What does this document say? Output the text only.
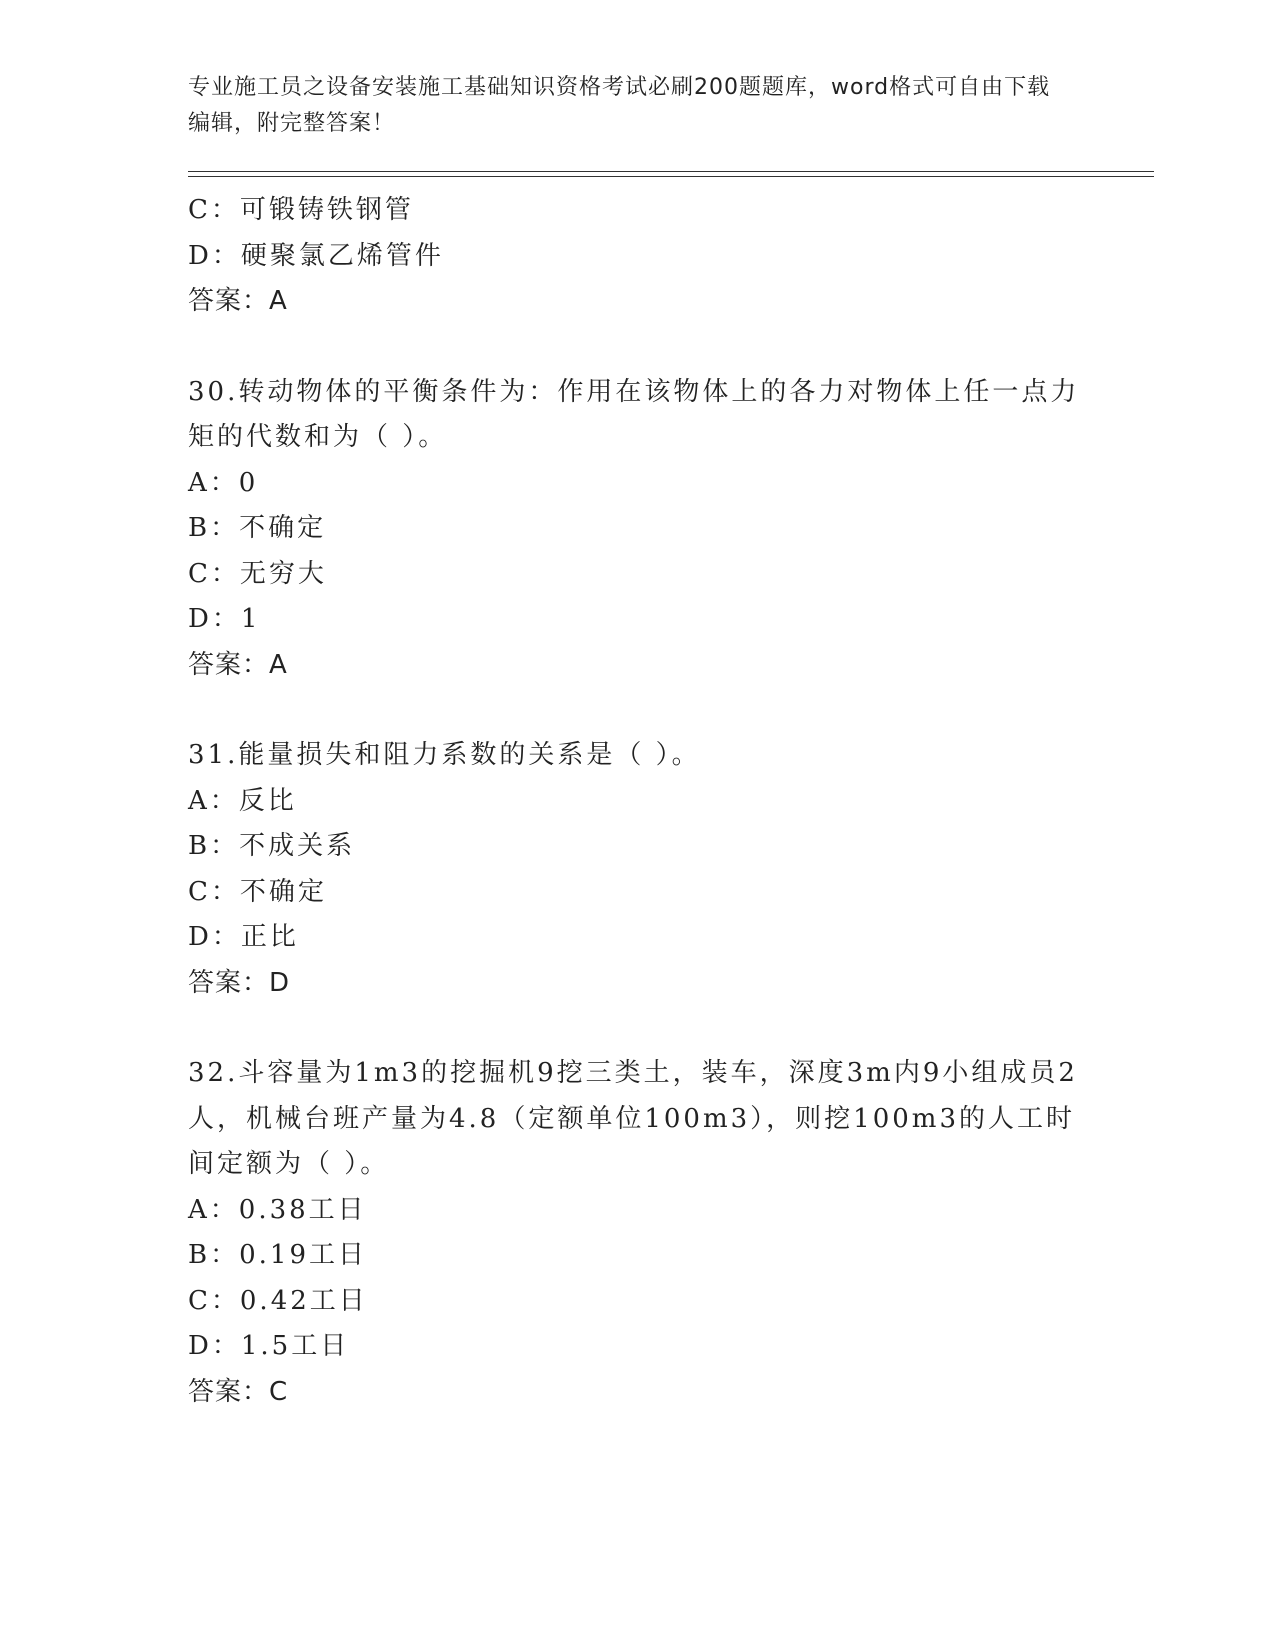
专业施工员之设备安装施工基础知识资格考试必刷200题题库，word格式可自由下载编辑，附完整答案！
C：可锻铸铁钢管
D：硬聚氯乙烯管件
答案：A
30.转动物体的平衡条件为：作用在该物体上的各力对物体上任一点力矩的代数和为（ ）。
A：0
B：不确定
C：无穷大
D：1
答案：A
31.能量损失和阻力系数的关系是（ ）。
A：反比
B：不成关系
C：不确定
D：正比
答案：D
32.斗容量为1m3的挖掘机9挖三类土，装车，深度3m内9小组成员2人，机械台班产量为4.8（定额单位100m3），则挖100m3的人工时间定额为（ ）。
A：0.38工日
B：0.19工日
C：0.42工日
D：1.5工日
答案：C
